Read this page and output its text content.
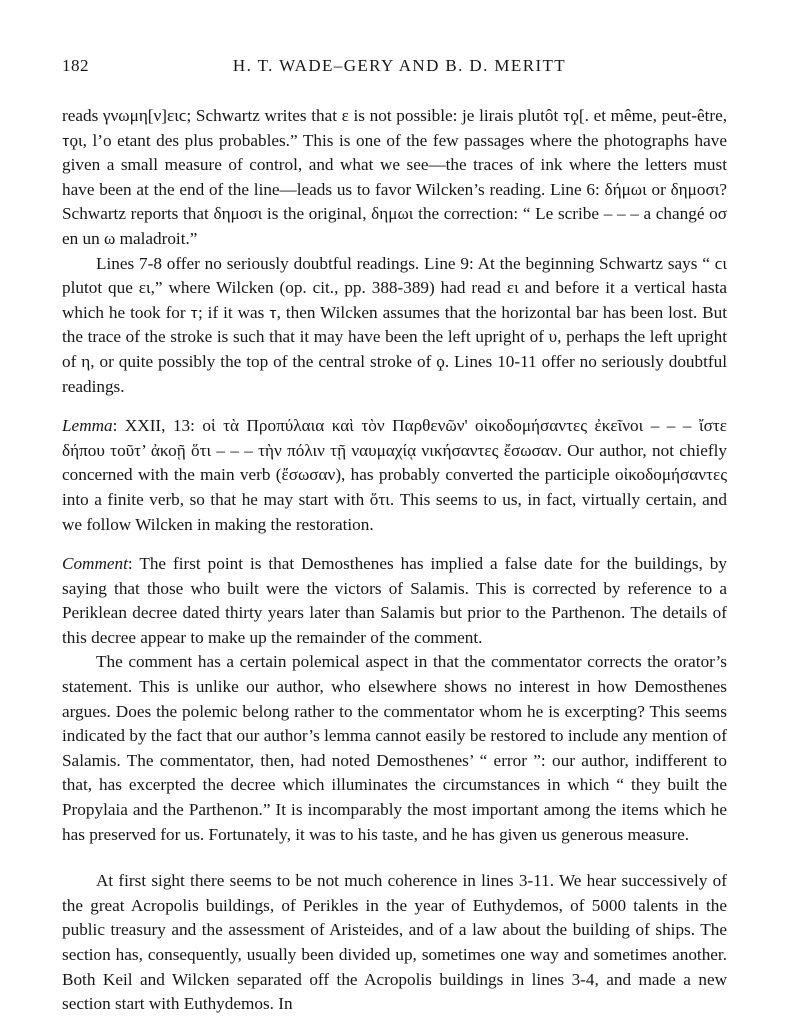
182	H. T. WADE–GERY AND B. D. MERITT

reads γνωμη[ν]ειϲ; Schwartz writes that ε is not possible: je lirais plutôt ⲧϙ[. et même, peut-être, ⲧϙι, l’o etant des plus probables.” This is one of the few passages where the photographs have given a small measure of control, and what we see—the traces of ink where the letters must have been at the end of the line—leads us to favor Wilcken’s reading. Line 6: δήμωι or δημοσι? Schwartz reports that δημοσι is the original, δημωι the correction: “ Le scribe – – – a changé οσ en un ω maladroit.”

Lines 7-8 offer no seriously doubtful readings. Line 9: At the beginning Schwartz says “ ϲι plutot que ει,” where Wilcken (op. cit., pp. 388-389) had read ει and before it a vertical hasta which he took for ⲧ; if it was ⲧ, then Wilcken assumes that the horizontal bar has been lost. But the trace of the stroke is such that it may have been the left upright of υ, perhaps the left upright of η, or quite possibly the top of the central stroke of ϙ. Lines 10-11 offer no seriously doubtful readings.

Lemma: XXII, 13: οἱ τὰ Προπύλαια καὶ τὸν Παρθενῶν' οἰκοδομήσαντες ἐκεῖνοι – – – ἴστε δήπου τοῦτ’ ἀκοῇ ὅτι – – – τὴν πόλιν τῇ ναυμαχίᾳ νικήσαντες ἔσωσαν. Our author, not chiefly concerned with the main verb (ἔσωσαν), has probably converted the participle οἰκοδομήσαντες into a finite verb, so that he may start with ὅτι. This seems to us, in fact, virtually certain, and we follow Wilcken in making the restoration.

Comment: The first point is that Demosthenes has implied a false date for the buildings, by saying that those who built were the victors of Salamis. This is corrected by reference to a Periklean decree dated thirty years later than Salamis but prior to the Parthenon. The details of this decree appear to make up the remainder of the comment.

The comment has a certain polemical aspect in that the commentator corrects the orator’s statement. This is unlike our author, who elsewhere shows no interest in how Demosthenes argues. Does the polemic belong rather to the commentator whom he is excerpting? This seems indicated by the fact that our author’s lemma cannot easily be restored to include any mention of Salamis. The commentator, then, had noted Demosthenes’ “ error ”: our author, indifferent to that, has excerpted the decree which illuminates the circumstances in which “ they built the Propylaia and the Parthenon.” It is incomparably the most important among the items which he has preserved for us. Fortunately, it was to his taste, and he has given us generous measure.

At first sight there seems to be not much coherence in lines 3-11. We hear successively of the great Acropolis buildings, of Perikles in the year of Euthydemos, of 5000 talents in the public treasury and the assessment of Aristeides, and of a law about the building of ships. The section has, consequently, usually been divided up, sometimes one way and sometimes another. Both Keil and Wilcken separated off the Acropolis buildings in lines 3-4, and made a new section start with Euthydemos. In
